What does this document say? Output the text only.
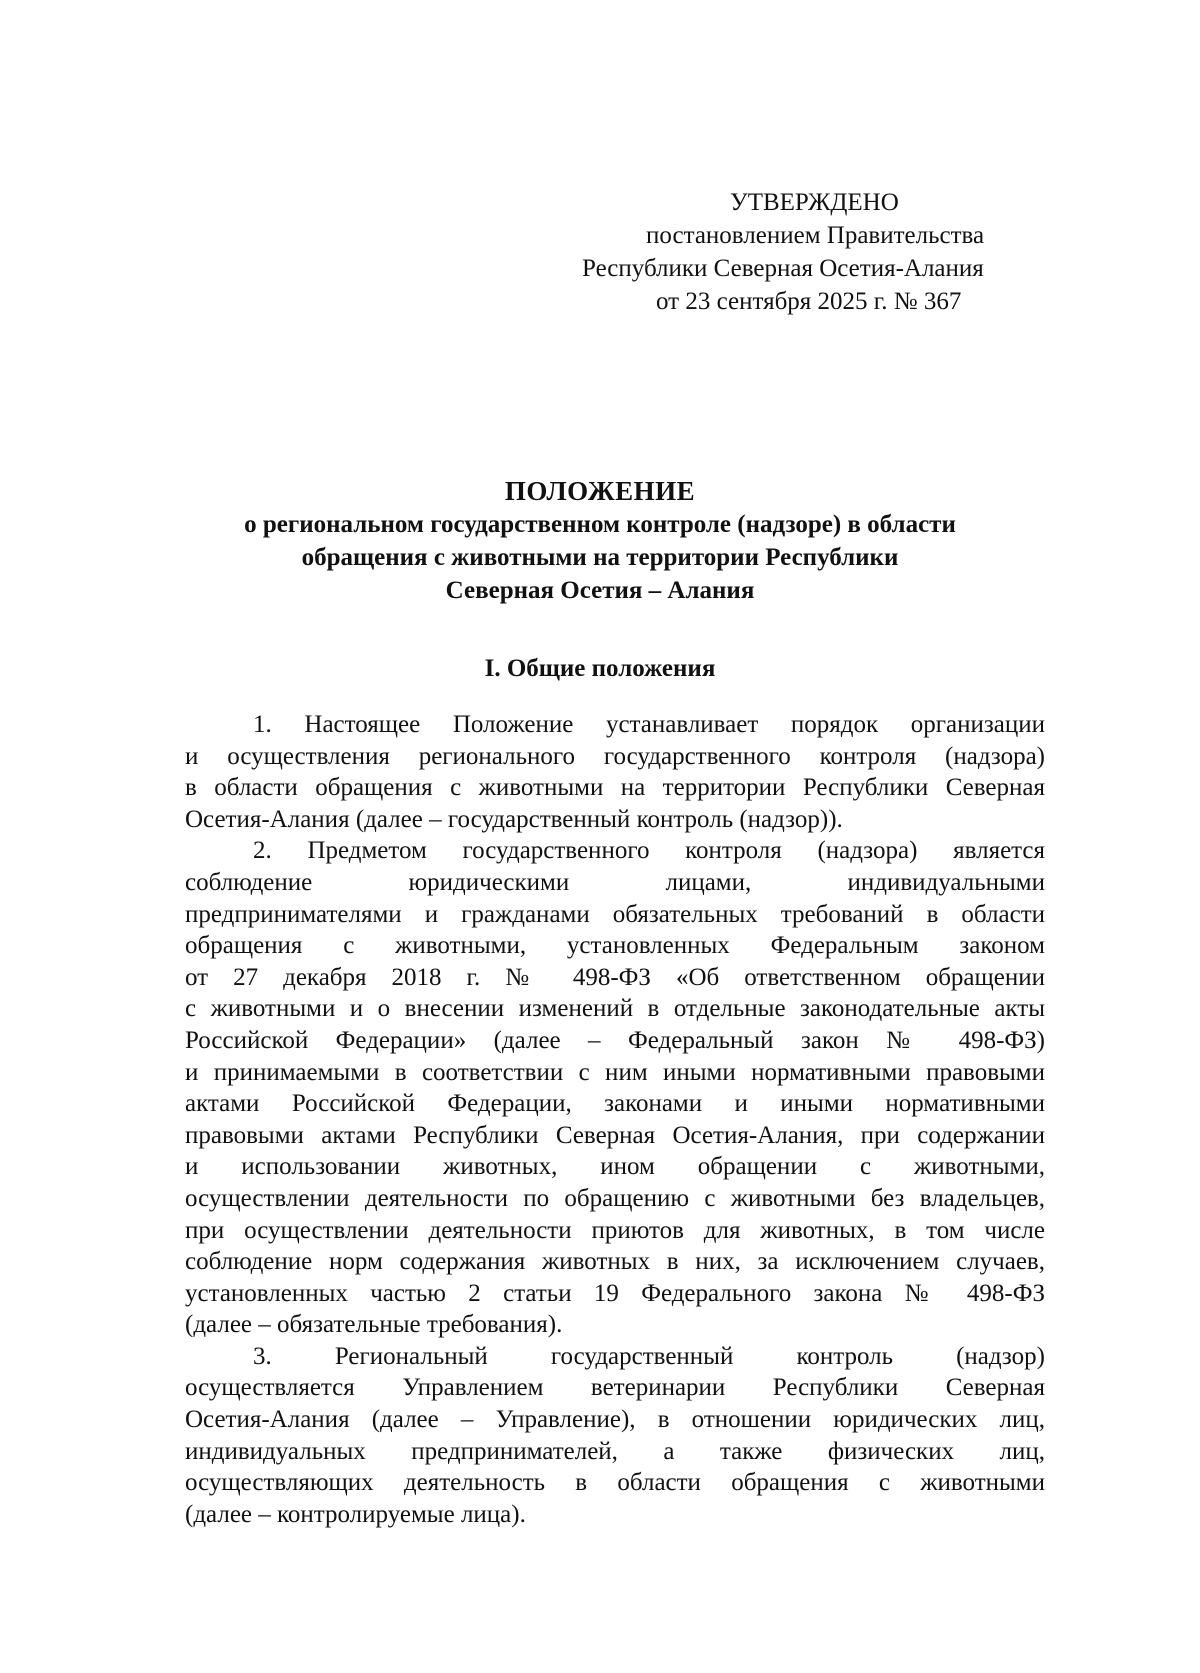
УТВЕРЖДЕНО
постановлением Правительства
Республики Северная Осетия-Алания
от 23 сентября 2025 г. № 367
ПОЛОЖЕНИЕ
о региональном государственном контроле (надзоре) в области
обращения с животными на территории Республики
Северная Осетия – Алания
I. Общие положения
1. Настоящее Положение устанавливает порядок организации
и осуществления регионального государственного контроля (надзора)
в области обращения с животными на территории Республики Северная
Осетия-Алания (далее – государственный контроль (надзор)).
2. Предметом государственного контроля (надзора) является
соблюдение юридическими лицами, индивидуальными
предпринимателями и гражданами обязательных требований в области
обращения с животными, установленных Федеральным законом
от 27 декабря 2018 г. № 498-ФЗ «Об ответственном обращении
с животными и о внесении изменений в отдельные законодательные акты
Российской Федерации» (далее – Федеральный закон № 498-ФЗ)
и принимаемыми в соответствии с ним иными нормативными правовыми
актами Российской Федерации, законами и иными нормативными
правовыми актами Республики Северная Осетия-Алания, при содержании
и использовании животных, ином обращении с животными,
осуществлении деятельности по обращению с животными без владельцев,
при осуществлении деятельности приютов для животных, в том числе
соблюдение норм содержания животных в них, за исключением случаев,
установленных частью 2 статьи 19 Федерального закона № 498-ФЗ
(далее – обязательные требования).
3. Региональный государственный контроль (надзор)
осуществляется Управлением ветеринарии Республики Северная
Осетия-Алания (далее – Управление), в отношении юридических лиц,
индивидуальных предпринимателей, а также физических лиц,
осуществляющих деятельность в области обращения с животными
(далее – контролируемые лица).
